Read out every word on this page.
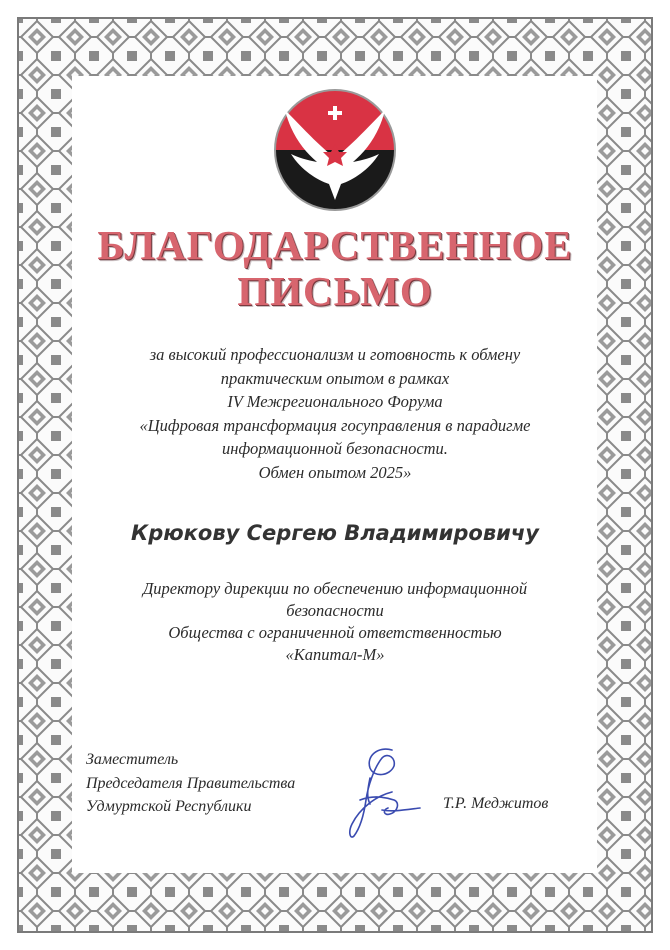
БЛАГОДАРСТВЕННОЕ
ПИСЬМО

за высокий профессионализм и готовность к обмену
практическим опытом в рамках
IV Межрегионального Форума
«Цифровая трансформация госуправления в парадигме
информационной безопасности.
Обмен опытом 2025»

Крюкову Сергею Владимировичу

Директору дирекции по обеспечению информационной
безопасности
Общества с ограниченной ответственностью
«Капитал-М»

Заместитель
Председателя Правительства
Удмуртской Республики	Т.Р. Меджитов
